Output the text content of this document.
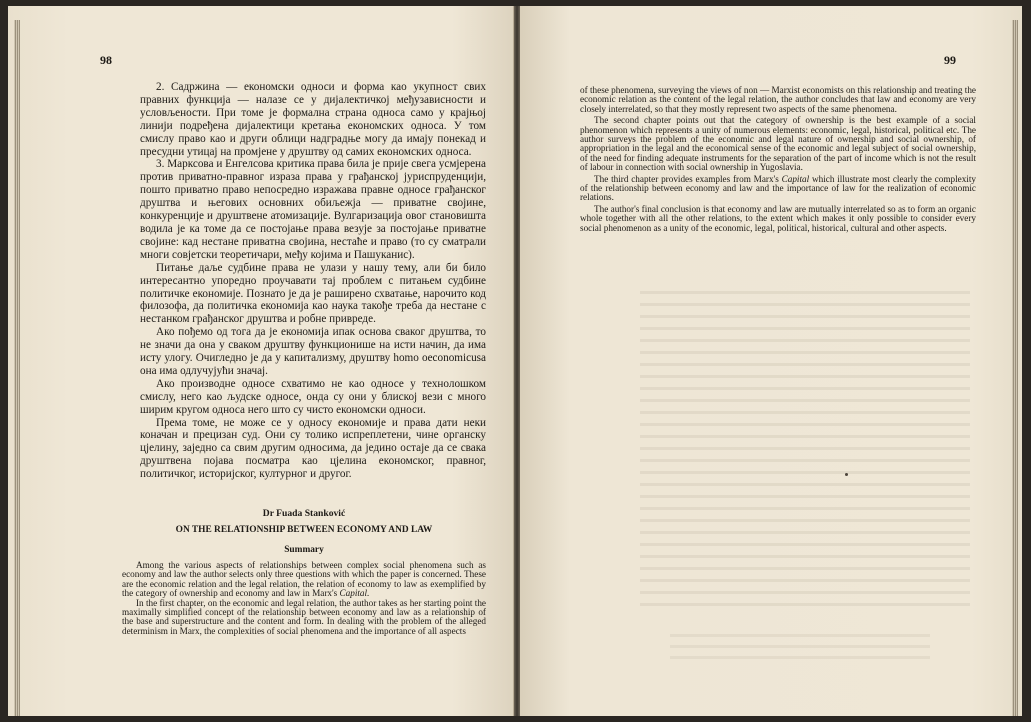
98

2. Садржина — економски односи и форма као укупност свих правних функција — налазе се у дијалектичкој међузависности и условљености. При томе је формална страна односа само у крајњој линији подређена дијалектици кретања економских односа. У том смислу право као и други облици надградње могу да имају понекад и пресудни утицај на промјене у друштву од самих економских односа.

3. Марксова и Енгелсова критика права била је прије свега усмјерена против приватно-правног израза права у грађанској јуриспруденцији, пошто приватно право непосредно изражава правне односе грађанског друштва и његових основних обиљежја — приватне својине, конкуренције и друштвене атомизације. Вулгаризација овог становишта водила је ка томе да се постојање права везује за постојање приватне својине: кад нестане приватна својина, нестаће и право (то су сматрали многи совјетски теоретичари, међу којима и Пашуканис).

Питање даље судбине права не улази у нашу тему, али би било интересантно упоредно проучавати тај проблем с питањем судбине политичке економије. Познато је да је раширено схватање, нарочито код филозофа, да политичка економија као наука такође треба да нестане с нестанком грађанског друштва и робне привреде.

Ако пођемо од тога да је економија ипак основа сваког друштва, то не значи да она у сваком друштву функционише на исти начин, да има исту улогу. Очигледно је да у капитализму, друштву homo oeconomicusa она има одлучујући значај.

Ако производне односе схватимо не као односе у технолошком смислу, него као људске односе, онда су они у блиској вези с много ширим кругом односа него што су чисто економски односи.

Према томе, не може се у односу економије и права дати неки коначан и прецизан суд. Они су толико испреплетени, чине органску цјелину, заједно са свим другим односима, да једино остаје да се свака друштвена појава посматра као цјелина економског, правног, политичког, историјског, културног и другог.

Dr Fuada Stanković
ON THE RELATIONSHIP BETWEEN ECONOMY AND LAW
Summary

Among the various aspects of relationships between complex social phenomena such as economy and law the author selects only three questions with which the paper is concerned. These are the economic relation and the legal relation, the relation of economy to law as exemplified by the category of ownership and economy and law in Marx's Capital.

In the first chapter, on the economic and legal relation, the author takes as her starting point the maximally simplified concept of the relationship between economy and law as a relationship of the base and superstructure and the content and form. In dealing with the problem of the alleged determinism in Marx, the complexities of social phenomena and the importance of all aspects

99

of these phenomena, surveying the views of non — Marxist economists on this relationship and treating the economic relation as the content of the legal relation, the author concludes that law and economy are very closely interrelated, so that they mostly represent two aspects of the same phenomena.

The second chapter points out that the category of ownership is the best example of a social phenomenon which represents a unity of numerous elements: economic, legal, historical, political etc. The author surveys the problem of the economic and legal nature of ownership and social ownership, of appropriation in the legal and the economical sense of the economic and legal subject of social ownership, of the need for finding adequate instruments for the separation of the part of income which is not the result of labour in connection with social ownership in Yugoslavia.

The third chapter provides examples from Marx's Capital which illustrate most clearly the complexity of the relationship between economy and law and the importance of law for the realization of economic relations.

The author's final conclusion is that economy and law are mutually interrelated so as to form an organic whole together with all the other relations, to the extent which makes it only possible to consider every social phenomenon as a unity of the economic, legal, political, historical, cultural and other aspects.
